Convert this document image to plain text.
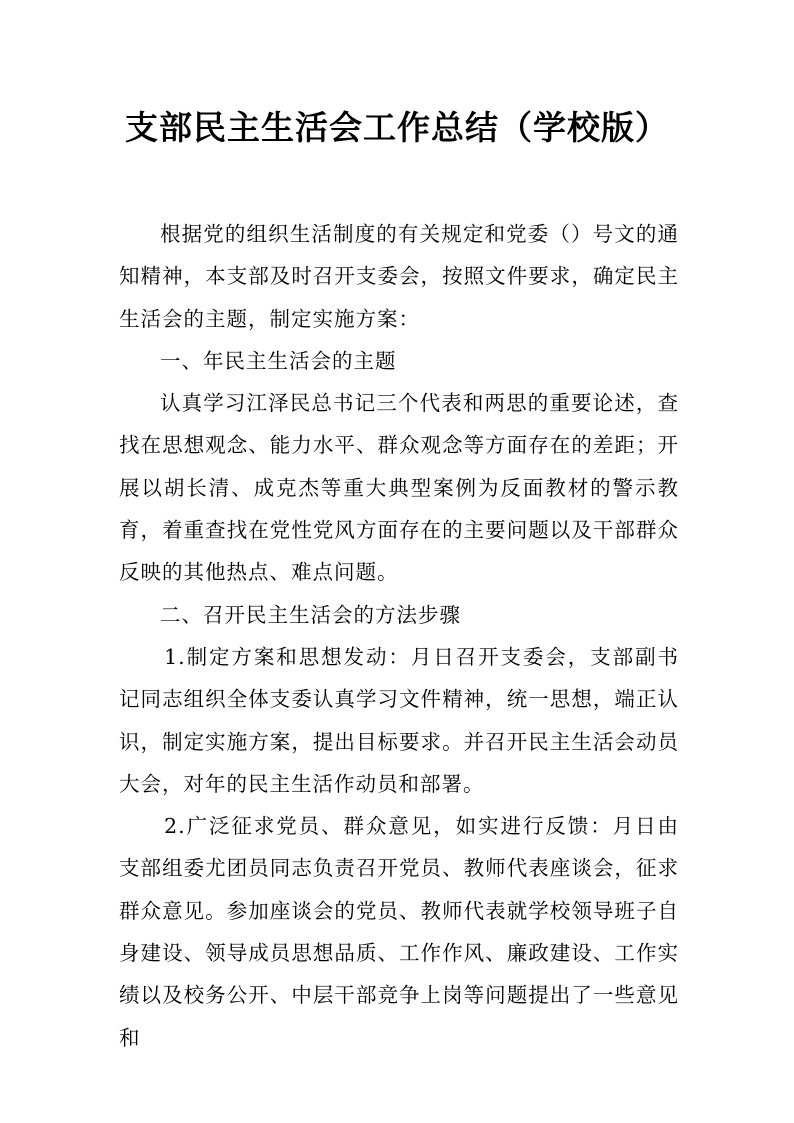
支部民主生活会工作总结（学校版）

根据党的组织生活制度的有关规定和党委（）号文的通知精神，本支部及时召开支委会，按照文件要求，确定民主生活会的主题，制定实施方案：

一、年民主生活会的主题

认真学习江泽民总书记三个代表和两思的重要论述，查找在思想观念、能力水平、群众观念等方面存在的差距；开展以胡长清、成克杰等重大典型案例为反面教材的警示教育，着重查找在党性党风方面存在的主要问题以及干部群众反映的其他热点、难点问题。

二、召开民主生活会的方法步骤

1.制定方案和思想发动：月日召开支委会，支部副书记同志组织全体支委认真学习文件精神，统一思想，端正认识，制定实施方案，提出目标要求。并召开民主生活会动员大会，对年的民主生活作动员和部署。

2.广泛征求党员、群众意见，如实进行反馈：月日由支部组委尤团员同志负责召开党员、教师代表座谈会，征求群众意见。参加座谈会的党员、教师代表就学校领导班子自身建设、领导成员思想品质、工作作风、廉政建设、工作实绩以及校务公开、中层干部竞争上岗等问题提出了一些意见和
